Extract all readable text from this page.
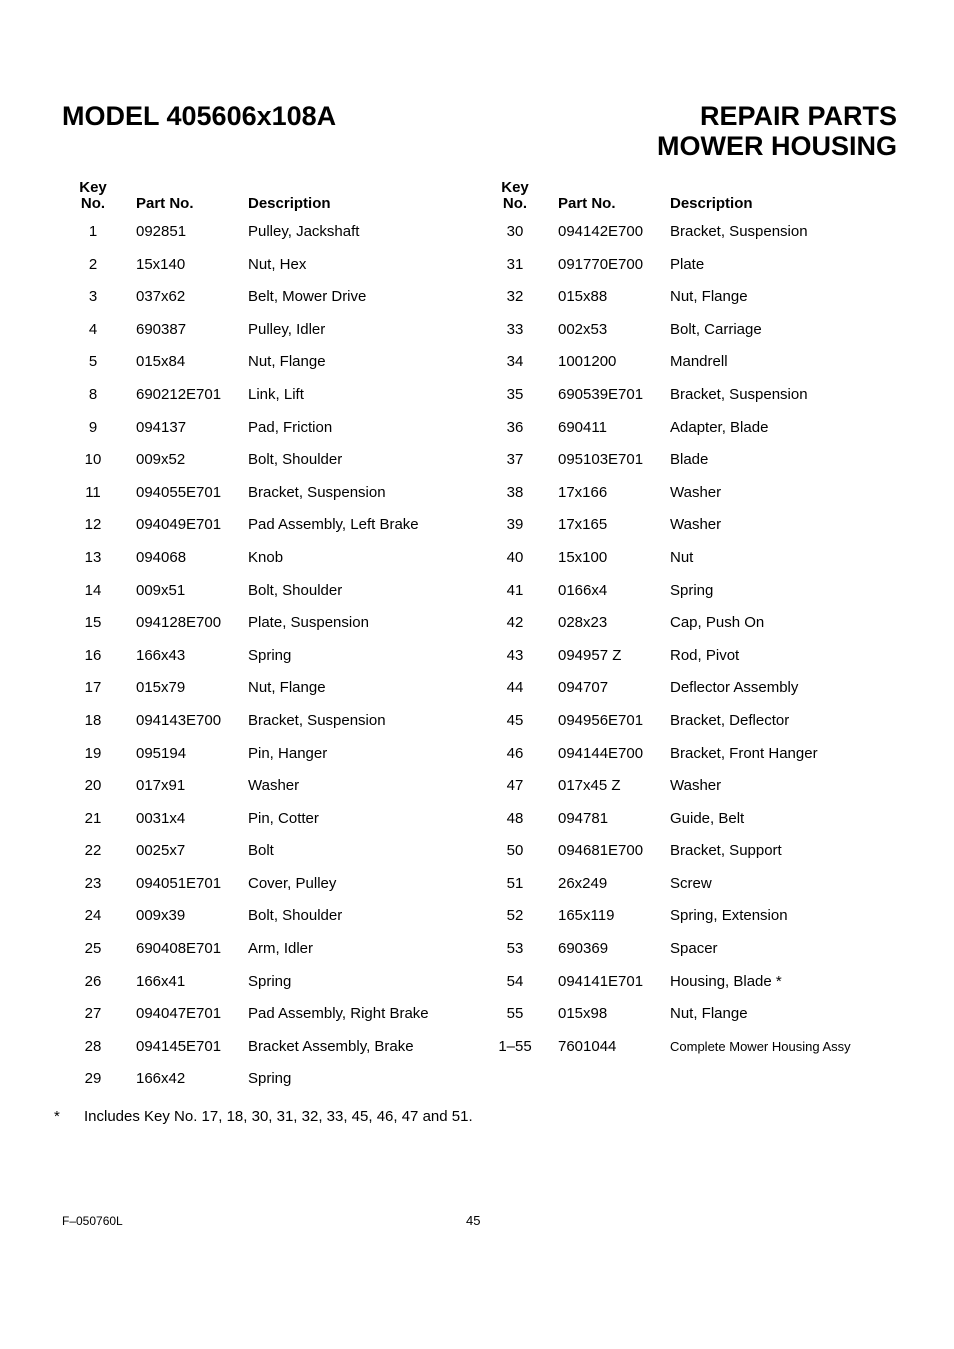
MODEL 405606x108A	REPAIR PARTS
MOWER HOUSING
Key
No.	Part No.	Description
1	092851	Pulley, Jackshaft
2	15x140	Nut, Hex
3	037x62	Belt, Mower Drive
4	690387	Pulley, Idler
5	015x84	Nut, Flange
8	690212E701 Link, Lift
9	094137	Pad, Friction
10	009x52	Bolt, Shoulder
11	094055E701 Bracket, Suspension
12	094049E701 Pad Assembly, Left Brake
13	094068	Knob
14	009x51	Bolt, Shoulder
15	094128E700 Plate, Suspension
16	166x43	Spring
17	015x79	Nut, Flange
18	094143E700 Bracket, Suspension
19	095194	Pin, Hanger
20	017x91	Washer
21	0031x4	Pin, Cotter
22	0025x7	Bolt
23	094051E701 Cover, Pulley
24	009x39	Bolt, Shoulder
25	690408E701 Arm, Idler
26	166x41	Spring
27	094047E701 Pad Assembly, Right Brake
28	094145E701 Bracket Assembly, Brake
29	166x42	Spring
Key
No.	Part No.	Description
30	094142E700 Bracket, Suspension
31	091770E700 Plate
32	015x88	Nut, Flange
33	002x53	Bolt, Carriage
34	1001200	Mandrell
35	690539E701 Bracket, Suspension
36	690411	Adapter, Blade
37	095103E701 Blade
38	17x166	Washer
39	17x165	Washer
40	15x100	Nut
41	0166x4	Spring
42	028x23	Cap, Push On
43	094957 Z	Rod, Pivot
44	094707	Deflector Assembly
45	094956E701 Bracket, Deflector
46	094144E700 Bracket, Front Hanger
47	017x45 Z	Washer
48	094781	Guide, Belt
50	094681E700 Bracket, Support
51	26x249	Screw
52	165x119	Spring, Extension
53	690369	Spacer
54	094141E701 Housing, Blade *
55	015x98	Nut, Flange
1–55	7601044	Complete Mower Housing Assy
* Includes Key No. 17, 18, 30, 31, 32, 33, 45, 46, 47 and 51.
F–050760L	45
